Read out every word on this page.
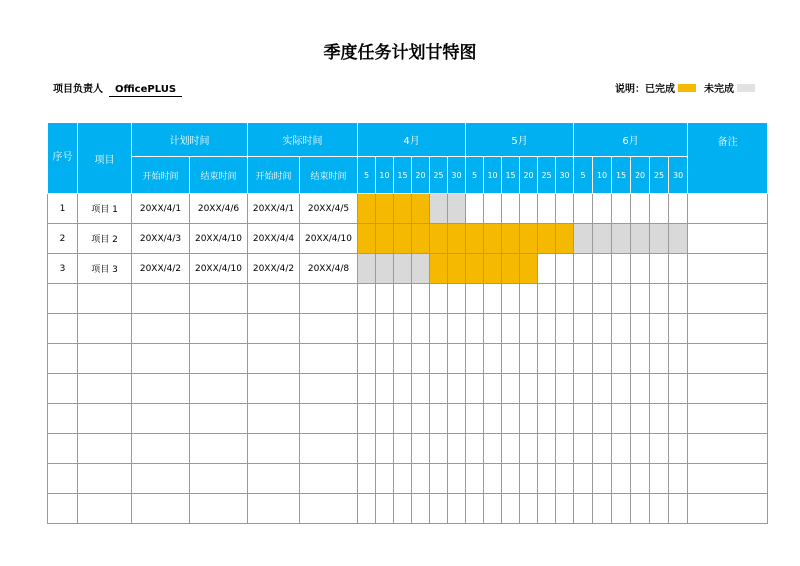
季度任务计划甘特图
项目负责人 OfficePLUS	说明： 已完成	未完成
序号	项目	计划时间		实际时间		4月						5月						6月						备注
		开始时间	结束时间	开始时间	结束时间	5	10	15	20	25	30	5	10	15	20	25	30	5	10	15	20	25	30	
1	项目 1	20XX/4/1	20XX/4/6	20XX/4/1	20XX/4/5																			
2	项目 2	20XX/4/3	20XX/4/10	20XX/4/4	20XX/4/10																			
3	项目 3	20XX/4/2	20XX/4/10	20XX/4/2	20XX/4/8																			
